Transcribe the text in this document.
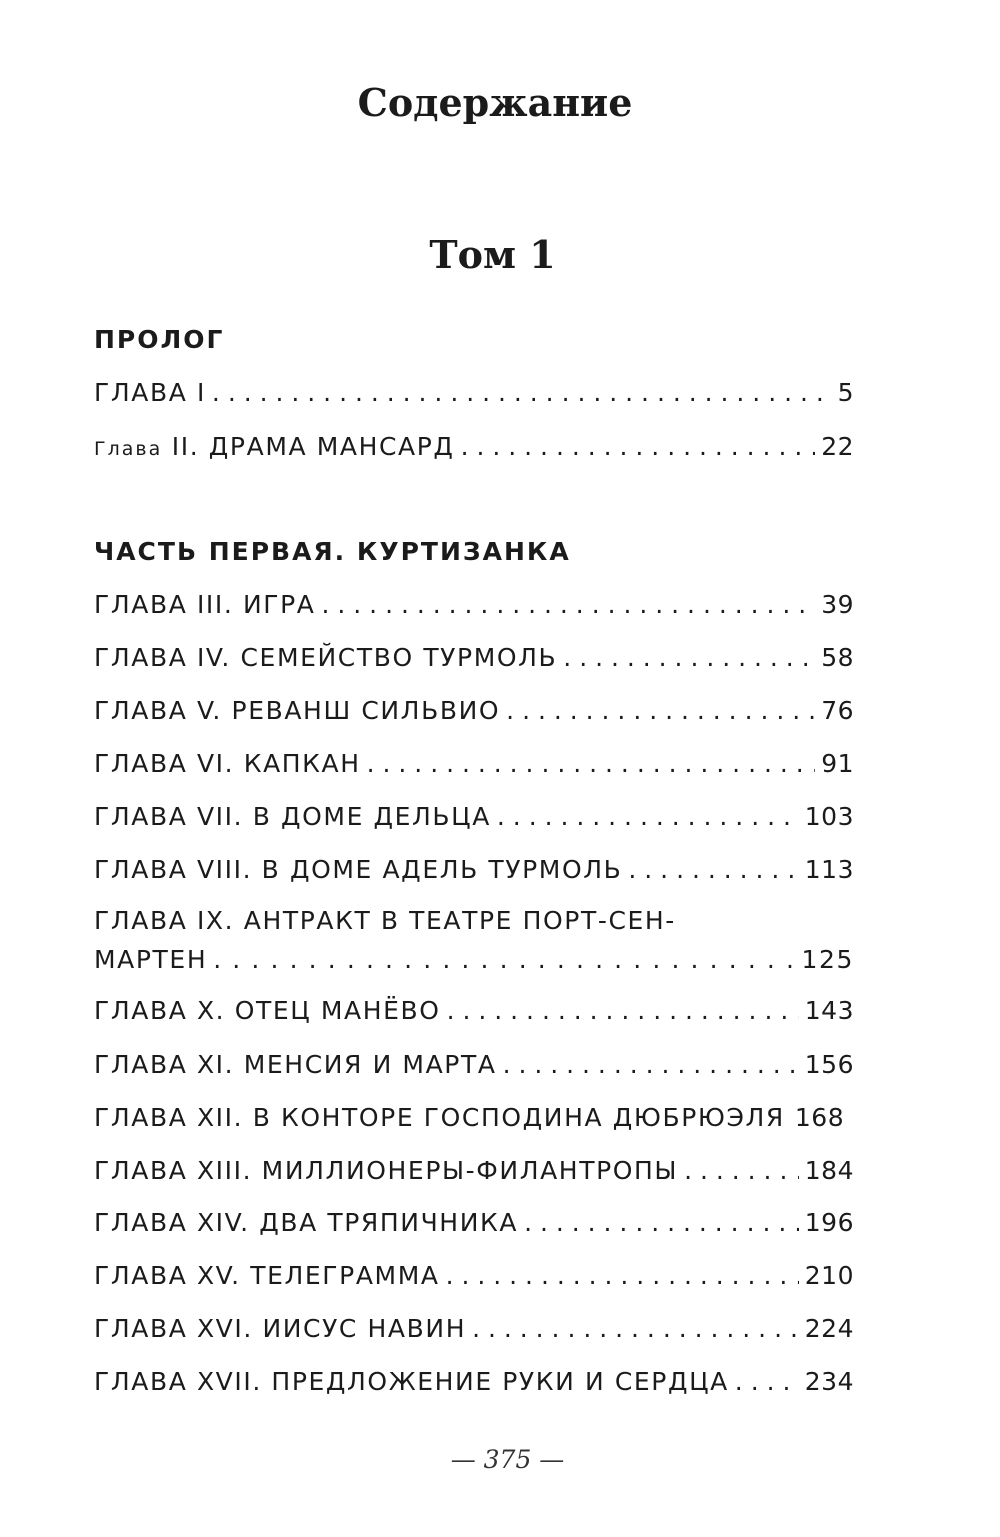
Содержание
Том 1
ПРОЛОГ
ГЛАВА I . . .	5
Глава II. ДРАМА МАНСАРД . . .	22
ЧАСТЬ ПЕРВАЯ. КУРТИЗАНКА
ГЛАВА III. ИГРА . . .	39
ГЛАВА IV. СЕМЕЙСТВО ТУРМОЛЬ . . .	58
ГЛАВА V. РЕВАНШ СИЛЬВИО . . .	76
ГЛАВА VI. КАПКАН . . .	91
ГЛАВА VII. В ДОМЕ ДЕЛЬЦА . . .	103
ГЛАВА VIII. В ДОМЕ АДЕЛЬ ТУРМОЛЬ . . .	113
ГЛАВА IX. АНТРАКТ В ТЕАТРЕ ПОРТ-СЕН-
МАРТЕН . . .	125
ГЛАВА X. ОТЕЦ МАНЁВО . . .	143
ГЛАВА XI. МЕНСИЯ И МАРТА . . .	156
ГЛАВА XII. В КОНТОРЕ ГОСПОДИНА ДЮБРЮЭЛЯ 168
ГЛАВА XIII. МИЛЛИОНЕРЫ-ФИЛАНТРОПЫ . . .	184
ГЛАВА XIV. ДВА ТРЯПИЧНИКА . . .	196
ГЛАВА XV. ТЕЛЕГРАММА . . .	210
ГЛАВА XVI. ИИСУС НАВИН . . .	224
ГЛАВА XVII. ПРЕДЛОЖЕНИЕ РУКИ И СЕРДЦА . . .	234
— 375 —
